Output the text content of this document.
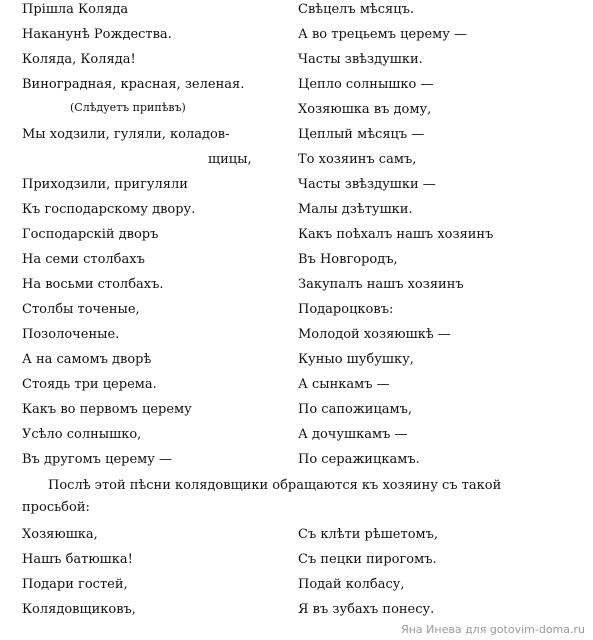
Прішла Коляда	Свѣцелъ мѣсяцъ.
Наканунѣ Рождества.	А во трецьемъ церему —
Коляда, Коляда!	Часты звѣздушки.
Виноградная, красная, зеленая.	Цепло солнышко —
(Слѣдуетъ припѣвъ)	Хозяюшка въ дому,
Мы ходзили, гуляли, коладов-	Цеплый мѣсяцъ —
щицы,	То хозяинъ самъ,
Приходзили, пригуляли	Часты звѣздушки —
Къ господарскому двору.	Малы дзѣтушки.
Господарскій дворъ	Какъ поѣхалъ нашъ хозяинъ
На семи столбахъ	Въ Новгородъ,
На восьми столбахъ.	Закупалъ нашъ хозяинъ
Столбы точеные,	Подароцковъ:
Позолоченые.	Молодой хозяюшкѣ —
А на самомъ дворѣ	Куныо шубушку,
Стоядь три церема.	А сынкамъ —
Какъ во первомъ церему	По сапожицамъ,
Усѣло солнышко,	А дочушкамъ —
Въ другомъ церему —	По серажицкамъ.
Послѣ этой пѣсни колядовщики обращаются къ хозяину съ такой
просьбой:
Хозяюшка,	Съ клѣти рѣшетомъ,
Нашъ батюшка!	Съ пецки пирогомъ.
Подари гостей,	Подай колбасу,
Колядовщиковъ,	Я въ зубахъ понесу.
Яна Инева для gotovim-doma.ru
